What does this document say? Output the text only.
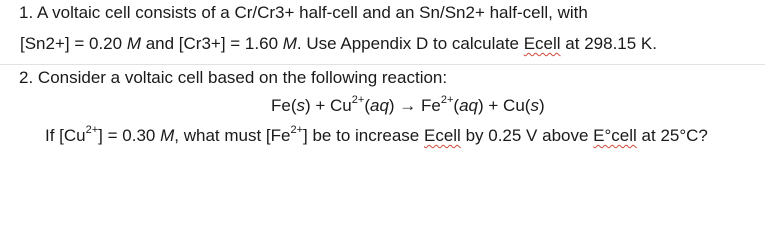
1. A voltaic cell consists of a Cr/Cr3+ half-cell and an Sn/Sn2+ half-cell, with
[Sn2+] = 0.20 M and [Cr3+] = 1.60 M. Use Appendix D to calculate Ecell at 298.15 K.
2. Consider a voltaic cell based on the following reaction:
$Fe(s) + Cu^{2+}(aq) \to Fe^{2+}(aq) + Cu(s)$
If $[Cu^{2+}] = 0.30$ M, what must $[Fe^{2+}]$ be to increase Ecell by 0.25 V above E°cell at 25°C?
